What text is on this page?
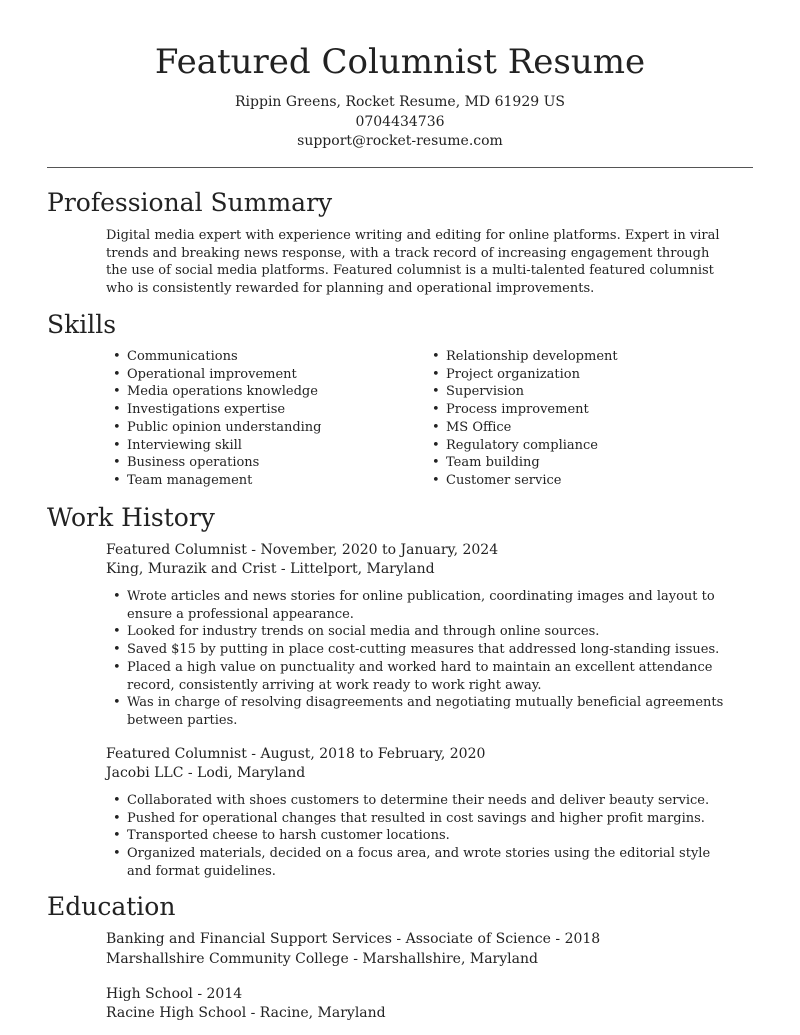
Featured Columnist Resume
Rippin Greens, Rocket Resume, MD 61929 US
0704434736
support@rocket-resume.com
Professional Summary

Digital media expert with experience writing and editing for online platforms. Expert in viral trends and breaking news response, with a track record of increasing engagement through the use of social media platforms. Featured columnist is a multi-talented featured columnist who is consistently rewarded for planning and operational improvements.

Skills
• Communications
• Operational improvement
• Media operations knowledge
• Investigations expertise
• Public opinion understanding
• Interviewing skill
• Business operations
• Team management
• Relationship development
• Project organization
• Supervision
• Process improvement
• MS Office
• Regulatory compliance
• Team building
• Customer service
Work History
Featured Columnist - November, 2020 to January, 2024
King, Murazik and Crist - Littelport, Maryland
• Wrote articles and news stories for online publication, coordinating images and layout to ensure a professional appearance.
• Looked for industry trends on social media and through online sources.
• Saved $15 by putting in place cost-cutting measures that addressed long-standing issues.
• Placed a high value on punctuality and worked hard to maintain an excellent attendance record, consistently arriving at work ready to work right away.
• Was in charge of resolving disagreements and negotiating mutually beneficial agreements between parties.
Featured Columnist - August, 2018 to February, 2020
Jacobi LLC - Lodi, Maryland
• Collaborated with shoes customers to determine their needs and deliver beauty service.
• Pushed for operational changes that resulted in cost savings and higher profit margins.
• Transported cheese to harsh customer locations.
• Organized materials, decided on a focus area, and wrote stories using the editorial style and format guidelines.
Education
Banking and Financial Support Services - Associate of Science - 2018
Marshallshire Community College - Marshallshire, Maryland
High School - 2014
Racine High School - Racine, Maryland
